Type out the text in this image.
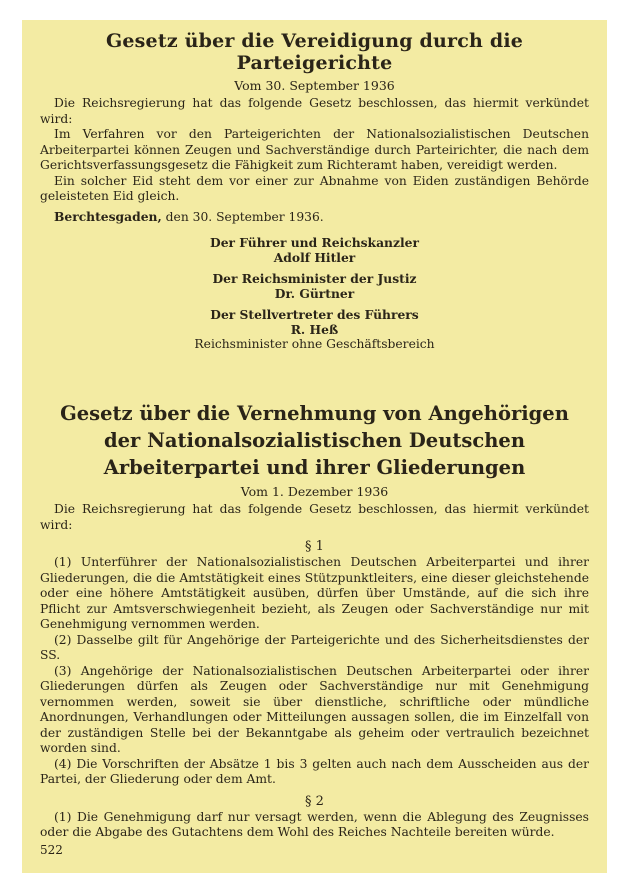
Gesetz über die Vereidigung durch die Parteigerichte
Vom 30. September 1936

Die Reichsregierung hat das folgende Gesetz beschlossen, das hiermit verkündet wird:

Im Verfahren vor den Parteigerichten der Nationalsozialistischen Deutschen Arbeiterpartei können Zeugen und Sachverständige durch Parteirichter, die nach dem Gerichtsverfassungsgesetz die Fähigkeit zum Richteramt haben, vereidigt werden.

Ein solcher Eid steht dem vor einer zur Abnahme von Eiden zuständigen Behörde geleisteten Eid gleich.

Berchtesgaden, den 30. September 1936.

Der Führer und Reichskanzler
Adolf Hitler
Der Reichsminister der Justiz
Dr. Gürtner
Der Stellvertreter des Führers
R. Heß
Reichsminister ohne Geschäftsbereich
Gesetz über die Vernehmung von Angehörigen der Nationalsozialistischen Deutschen Arbeiterpartei und ihrer Gliederungen
Vom 1. Dezember 1936

Die Reichsregierung hat das folgende Gesetz beschlossen, das hiermit verkündet wird:

§ 1

(1) Unterführer der Nationalsozialistischen Deutschen Arbeiterpartei und ihrer Gliederungen, die die Amtstätigkeit eines Stützpunktleiters, eine dieser gleichstehende oder eine höhere Amtstätigkeit ausüben, dürfen über Umstände, auf die sich ihre Pflicht zur Amtsverschwiegenheit bezieht, als Zeugen oder Sachverständige nur mit Genehmigung vernommen werden.

(2) Dasselbe gilt für Angehörige der Parteigerichte und des Sicherheitsdienstes der SS.

(3) Angehörige der Nationalsozialistischen Deutschen Arbeiterpartei oder ihrer Gliederungen dürfen als Zeugen oder Sachverständige nur mit Genehmigung vernommen werden, soweit sie über dienstliche, schriftliche oder mündliche Anordnungen, Verhandlungen oder Mitteilungen aussagen sollen, die im Einzelfall von der zuständigen Stelle bei der Bekanntgabe als geheim oder vertraulich bezeichnet worden sind.

(4) Die Vorschriften der Absätze 1 bis 3 gelten auch nach dem Ausscheiden aus der Partei, der Gliederung oder dem Amt.

§ 2

(1) Die Genehmigung darf nur versagt werden, wenn die Ablegung des Zeugnisses oder die Abgabe des Gutachtens dem Wohl des Reiches Nachteile bereiten würde.

522
